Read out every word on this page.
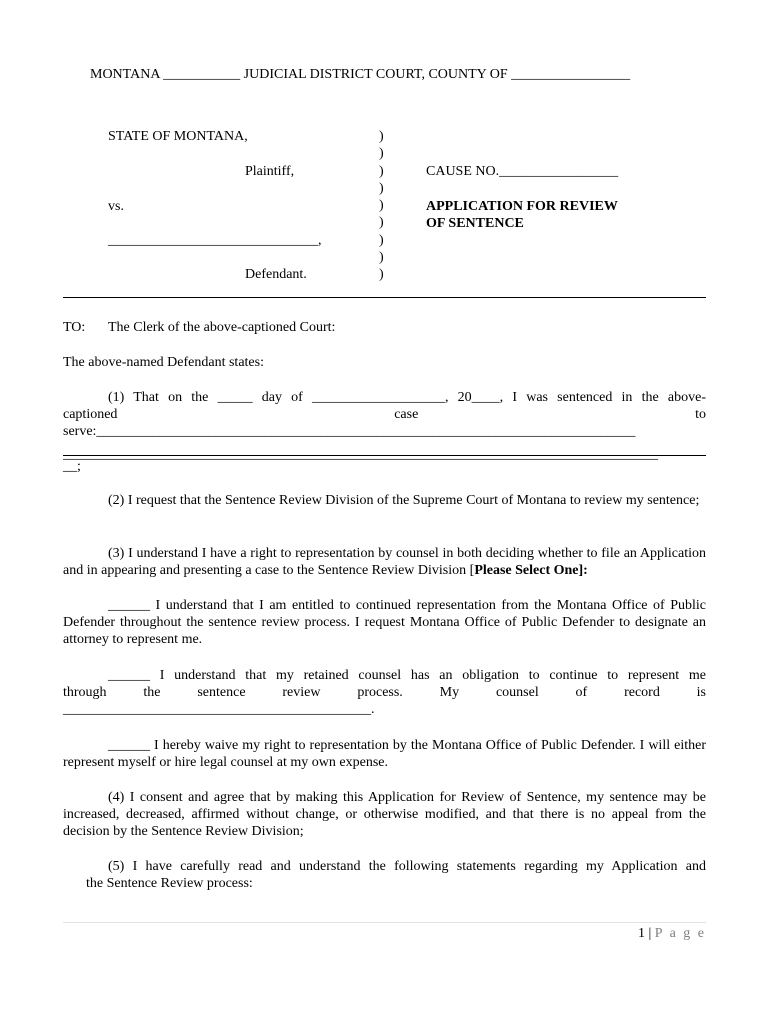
MONTANA ___________ JUDICIAL DISTRICT COURT, COUNTY OF _________________
STATE OF MONTANA,
Plaintiff,
vs.
______________________________,
Defendant.
)
)
)
)
)
)
)
)
)
CAUSE NO._________________
APPLICATION FOR REVIEW
OF SENTENCE
TO: The Clerk of the above-captioned Court:
The above-named Defendant states:
(1) That on the _____ day of ___________________, 20____, I was sentenced in the above-
captioned case to
serve:_____________________________________________________________________________
_____________________________________________________________________________________
__;
(2) I request that the Sentence Review Division of the Supreme Court of Montana to review my sentence;
(3) I understand I have a right to representation by counsel in both deciding whether to file an Application and in appearing and presenting a case to the Sentence Review Division [Please Select One]:
______ I understand that I am entitled to continued representation from the Montana Office of Public Defender throughout the sentence review process. I request Montana Office of Public Defender to designate an attorney to represent me.
______ I understand that my retained counsel has an obligation to continue to represent me
through the sentence review process. My counsel of record is
____________________________________________.
______ I hereby waive my right to representation by the Montana Office of Public Defender. I will either represent myself or hire legal counsel at my own expense.
(4) I consent and agree that by making this Application for Review of Sentence, my sentence may be increased, decreased, affirmed without change, or otherwise modified, and that there is no appeal from the decision by the Sentence Review Division;
(5) I have carefully read and understand the following statements regarding my Application and
the Sentence Review process:
1 | P a g e
